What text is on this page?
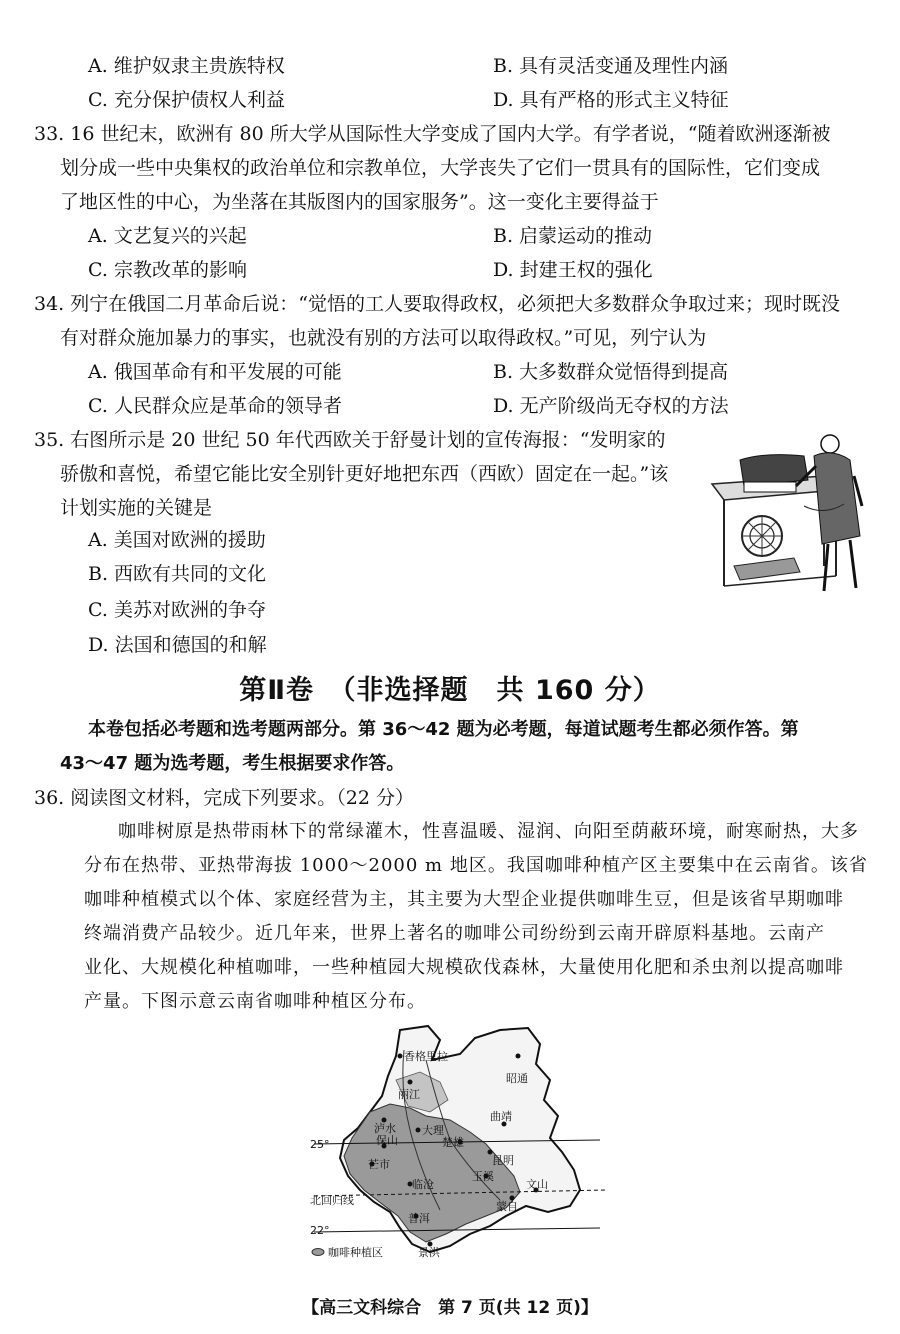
A. 维护奴隶主贵族特权	B. 具有灵活变通及理性内涵
C. 充分保护债权人利益	D. 具有严格的形式主义特征
33. 16 世纪末，欧洲有 80 所大学从国际性大学变成了国内大学。有学者说，“随着欧洲逐渐被
划分成一些中央集权的政治单位和宗教单位，大学丧失了它们一贯具有的国际性，它们变成
了地区性的中心，为坐落在其版图内的国家服务”。这一变化主要得益于
A. 文艺复兴的兴起	B. 启蒙运动的推动
C. 宗教改革的影响	D. 封建王权的强化
34. 列宁在俄国二月革命后说：“觉悟的工人要取得政权，必须把大多数群众争取过来；现时既没
有对群众施加暴力的事实，也就没有别的方法可以取得政权。”可见，列宁认为
A. 俄国革命有和平发展的可能	B. 大多数群众觉悟得到提高
C. 人民群众应是革命的领导者	D. 无产阶级尚无夺权的方法
35. 右图所示是 20 世纪 50 年代西欧关于舒曼计划的宣传海报：“发明家的
骄傲和喜悦，希望它能比安全别针更好地把东西（西欧）固定在一起。”该
计划实施的关键是
A. 美国对欧洲的援助
B. 西欧有共同的文化
C. 美苏对欧洲的争夺
D. 法国和德国的和解
第Ⅱ卷　（非选择题　共 160 分）
本卷包括必考题和选考题两部分。第 36～42 题为必考题，每道试题考生都必须作答。第
43～47 题为选考题，考生根据要求作答。
36. 阅读图文材料，完成下列要求。（22 分）
咖啡树原是热带雨林下的常绿灌木，性喜温暖、湿润、向阳至荫蔽环境，耐寒耐热，大多
分布在热带、亚热带海拔 1000～2000 m 地区。我国咖啡种植产区主要集中在云南省。该省
咖啡种植模式以个体、家庭经营为主，其主要为大型企业提供咖啡生豆，但是该省早期咖啡
终端消费产品较少。近几年来，世界上著名的咖啡公司纷纷到云南开辟原料基地。云南产
业化、大规模化种植咖啡，一些种植园大规模砍伐森林，大量使用化肥和杀虫剂以提高咖啡
产量。下图示意云南省咖啡种植区分布。
25°
北回归线
22°
香格里拉
丽江
昭通
泸水
保山
大理
曲靖
楚雄
昆明
芒市
玉溪
临沧	文山
蒙自
普洱
景洪
咖啡种植区
【高三文科综合　第 7 页(共 12 页)】
